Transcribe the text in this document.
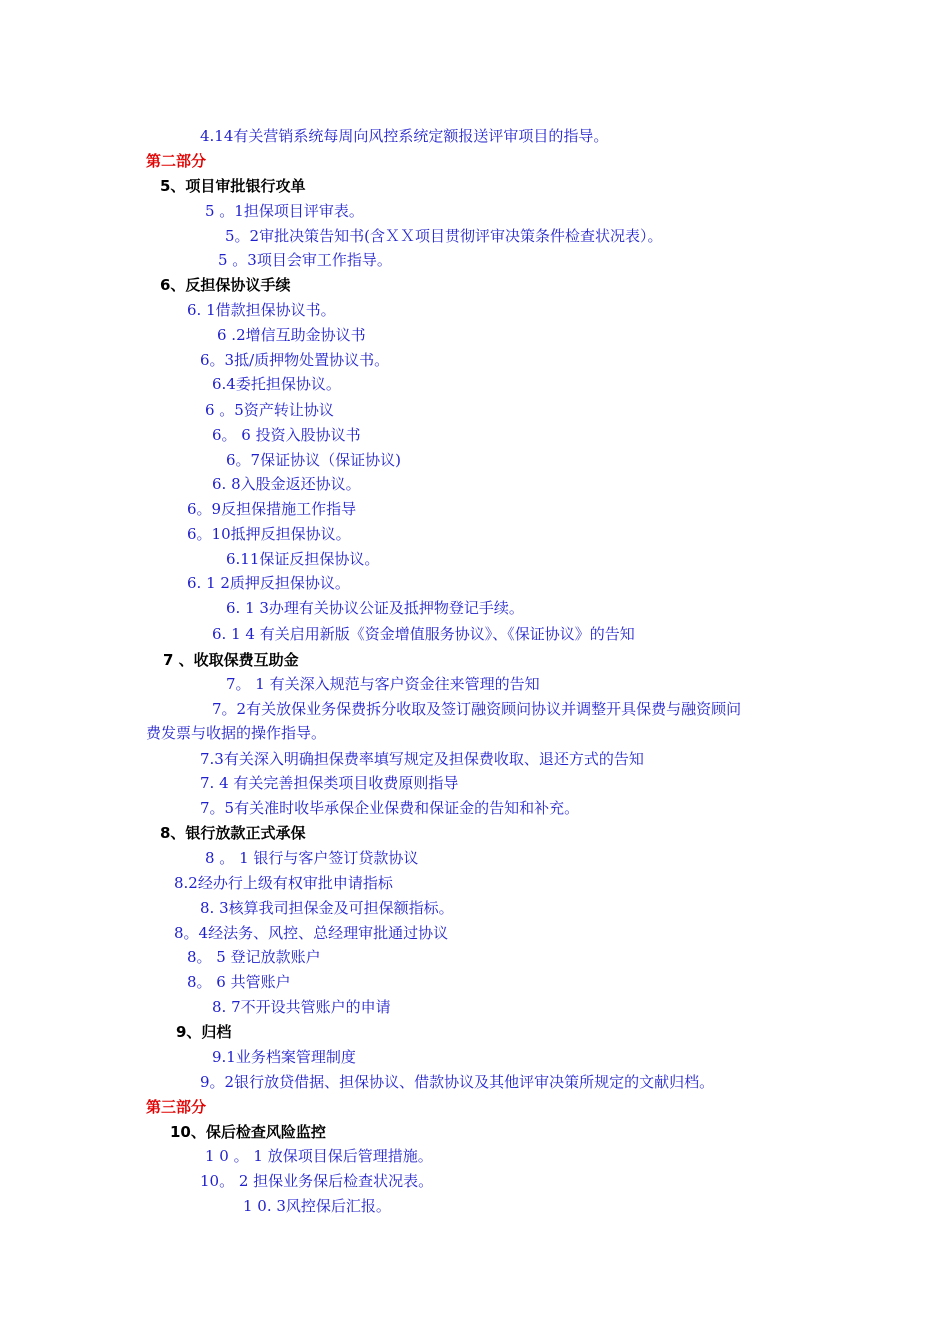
4.14有关营销系统每周向风控系统定额报送评审项目的指导。
第二部分
5、项目审批银行攻单
5 。1担保项目评审表。
5。2审批决策告知书(含ＸＸ项目贯彻评审决策条件检查状况表）。
5 。3项目会审工作指导。
6、反担保协议手续
6. 1借款担保协议书。
6 .2增信互助金协议书
6。3抵/质押物处置协议书。
6.4委托担保协议。
6 。5资产转让协议
6。 6 投资入股协议书
6。7保证协议（保证协议)
6. 8入股金返还协议。
6。9反担保措施工作指导
6。10抵押反担保协议。
6.11保证反担保协议。
6. 1 2质押反担保协议。
6. 1 3办理有关协议公证及抵押物登记手续。
6. 1 4 有关启用新版《资金增值服务协议》、《保证协议》的告知
7 、收取保费互助金
7。 1 有关深入规范与客户资金往来管理的告知
7。2有关放保业务保费拆分收取及签订融资顾问协议并调整开具保费与融资顾问
费发票与收据的操作指导。
7.3有关深入明确担保费率填写规定及担保费收取、退还方式的告知
7. 4 有关完善担保类项目收费原则指导
7。5有关准时收毕承保企业保费和保证金的告知和补充。
8、银行放款正式承保
8 。 1 银行与客户签订贷款协议
8.2经办行上级有权审批申请指标
8. 3核算我司担保金及可担保额指标。
8。4经法务、风控、总经理审批通过协议
8。 5 登记放款账户
8。 6 共管账户
8. 7不开设共管账户的申请
9、归档
9.1业务档案管理制度
9。2银行放贷借据、担保协议、借款协议及其他评审决策所规定的文献归档。
第三部分
10、保后检查风险监控
1 0 。 1 放保项目保后管理措施。
10。 2 担保业务保后检查状况表。
1 0. 3风控保后汇报。
